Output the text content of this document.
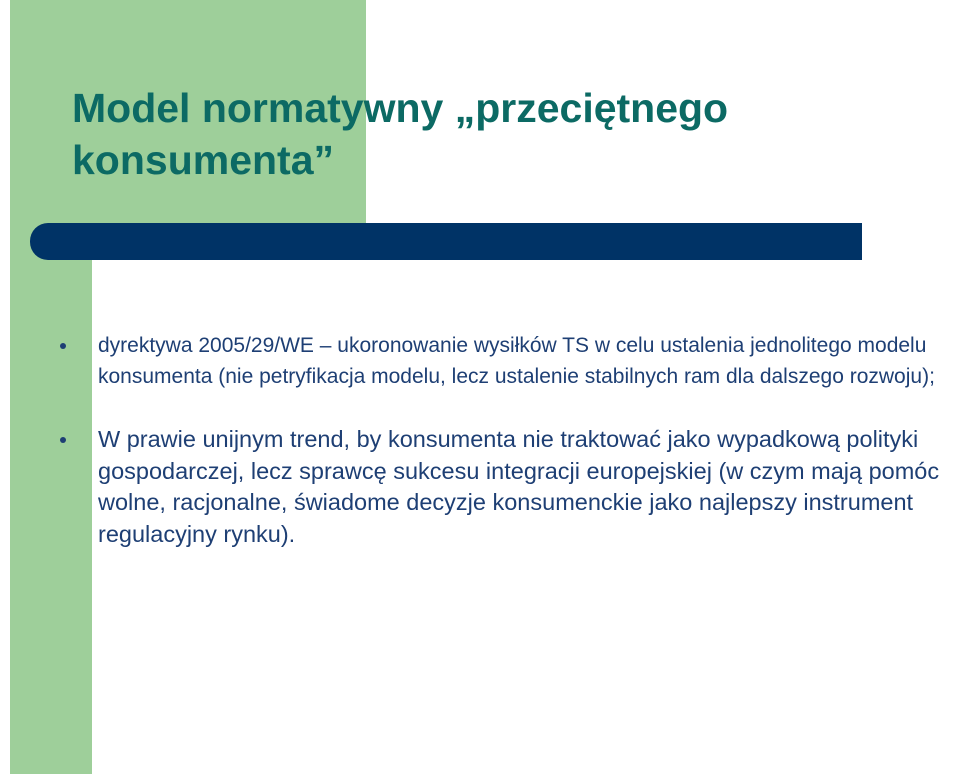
Model normatywny „przeciętnego konsumenta”
dyrektywa 2005/29/WE – ukoronowanie wysiłków TS w celu ustalenia jednolitego modelu konsumenta (nie petryfikacja modelu, lecz ustalenie stabilnych ram dla dalszego rozwoju);
W prawie unijnym trend, by konsumenta nie traktować jako wypadkową polityki gospodarczej, lecz sprawcę sukcesu integracji europejskiej (w czym mają pomóc wolne, racjonalne, świadome decyzje konsumenckie jako najlepszy instrument regulacyjny rynku).
